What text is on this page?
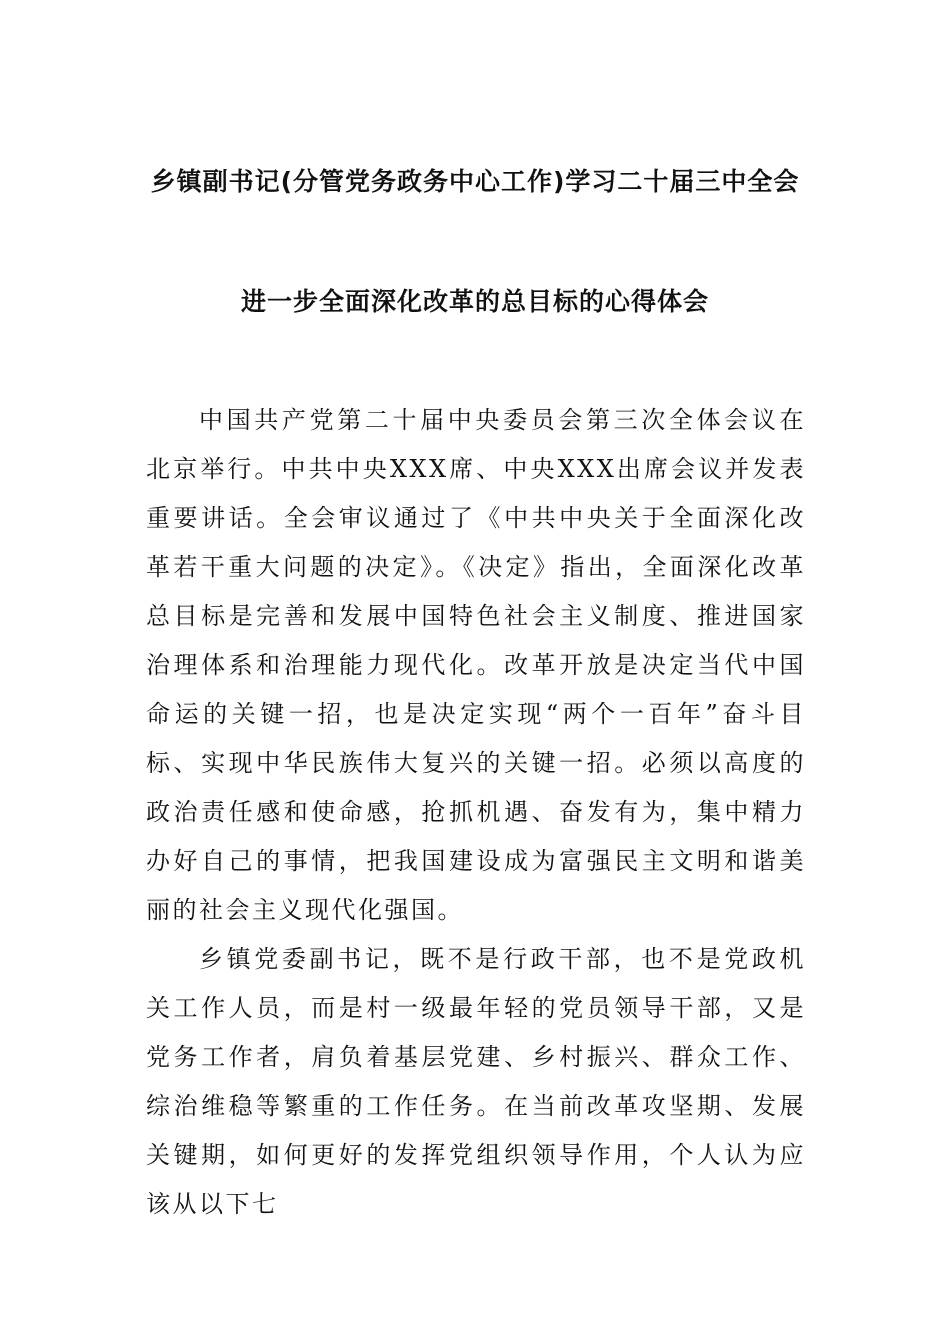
乡镇副书记(分管党务政务中心工作)学习二十届三中全会
进一步全面深化改革的总目标的心得体会

中国共产党第二十届中央委员会第三次全体会议在北京举行。中共中央XXX席、中央XXX出席会议并发表重要讲话。全会审议通过了《中共中央关于全面深化改革若干重大问题的决定》。《决定》指出，全面深化改革总目标是完善和发展中国特色社会主义制度、推进国家治理体系和治理能力现代化。改革开放是决定当代中国命运的关键一招，也是决定实现“两个一百年”奋斗目标、实现中华民族伟大复兴的关键一招。必须以高度的政治责任感和使命感，抢抓机遇、奋发有为，集中精力办好自己的事情，把我国建设成为富强民主文明和谐美丽的社会主义现代化强国。

乡镇党委副书记，既不是行政干部，也不是党政机关工作人员，而是村一级最年轻的党员领导干部，又是党务工作者，肩负着基层党建、乡村振兴、群众工作、综治维稳等繁重的工作任务。在当前改革攻坚期、发展关键期，如何更好的发挥党组织领导作用，个人认为应该从以下七
